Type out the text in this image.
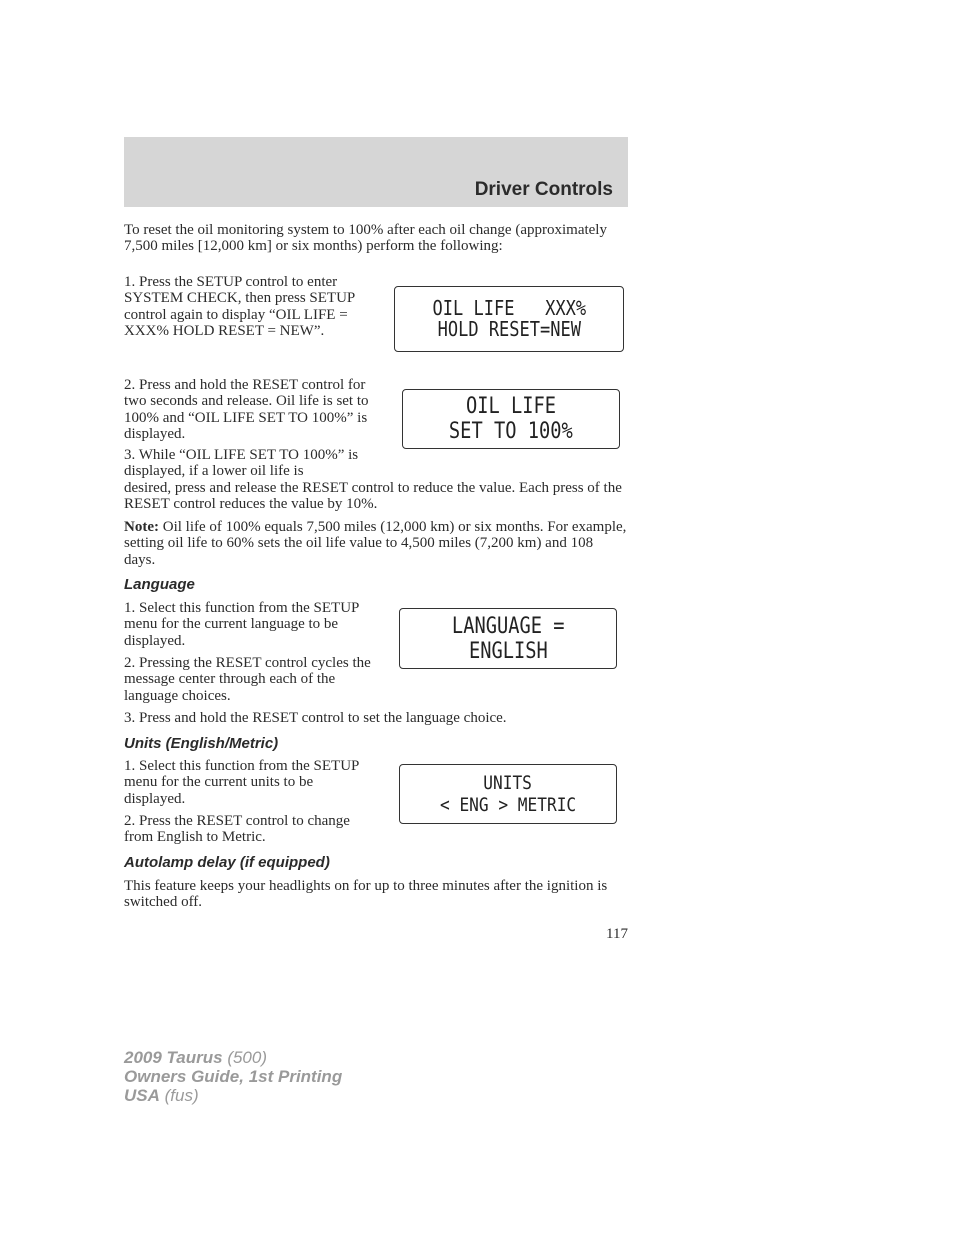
Driver Controls
To reset the oil monitoring system to 100% after each oil change (approximately 7,500 miles [12,000 km] or six months) perform the following:
1. Press the SETUP control to enter SYSTEM CHECK, then press SETUP control again to display “OIL LIFE = XXX% HOLD RESET = NEW”.
OIL LIFE   XXX%
HOLD RESET=NEW
2. Press and hold the RESET control for two seconds and release. Oil life is set to 100% and “OIL LIFE SET TO 100%” is displayed.
OIL LIFE
SET TO 100%
3. While “OIL LIFE SET TO 100%” is displayed, if a lower oil life is
desired, press and release the RESET control to reduce the value. Each press of the RESET control reduces the value by 10%.
Note: Oil life of 100% equals 7,500 miles (12,000 km) or six months. For example, setting oil life to 60% sets the oil life value to 4,500 miles (7,200 km) and 108 days.
Language
1. Select this function from the SETUP menu for the current language to be displayed.
LANGUAGE =
ENGLISH
2. Pressing the RESET control cycles the message center through each of the language choices.
3. Press and hold the RESET control to set the language choice.
Units (English/Metric)
1. Select this function from the SETUP menu for the current units to be displayed.
UNITS
< ENG > METRIC
2. Press the RESET control to change from English to Metric.
Autolamp delay (if equipped)
This feature keeps your headlights on for up to three minutes after the ignition is switched off.
117
2009 Taurus (500)
Owners Guide, 1st Printing
USA (fus)
